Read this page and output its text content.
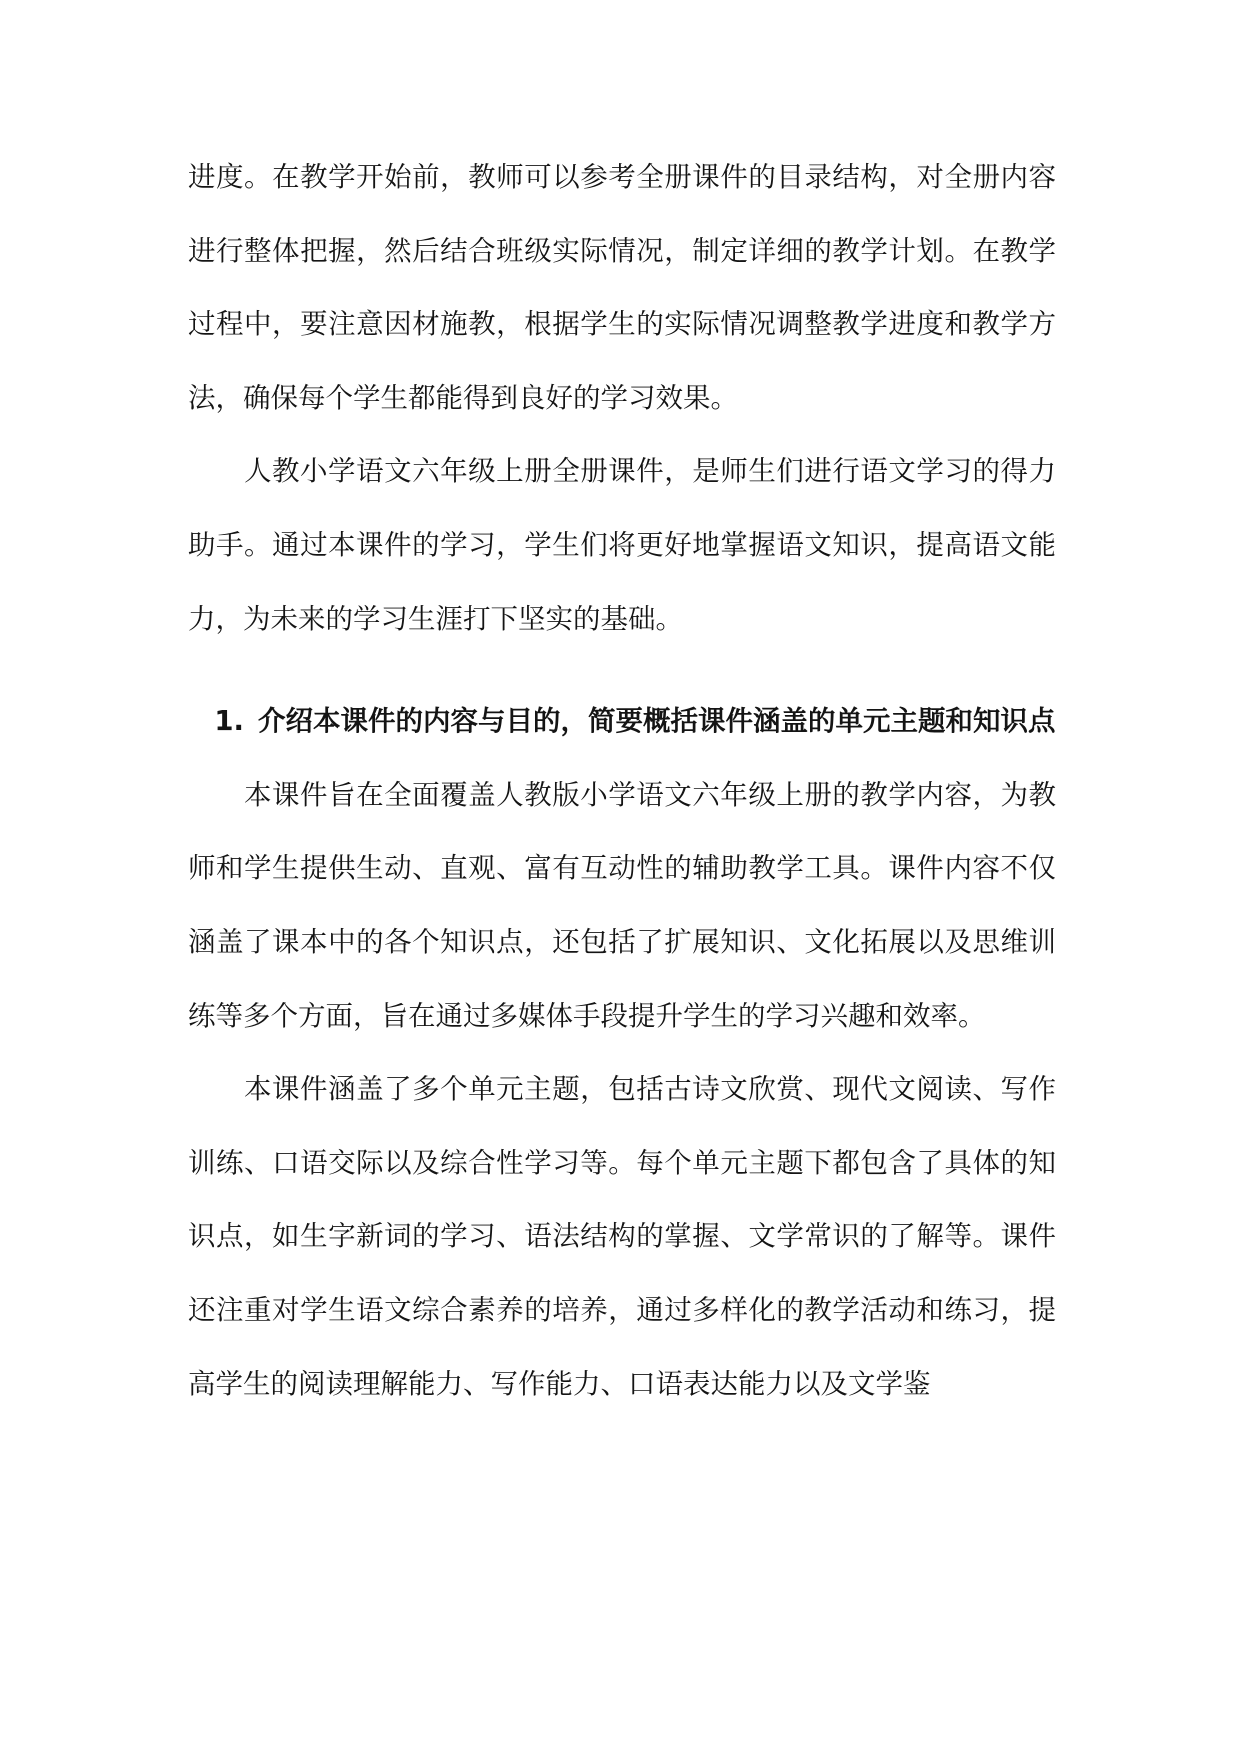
进度。在教学开始前，教师可以参考全册课件的目录结构，对全册内容进行整体把握，然后结合班级实际情况，制定详细的教学计划。在教学过程中，要注意因材施教，根据学生的实际情况调整教学进度和教学方法，确保每个学生都能得到良好的学习效果。

人教小学语文六年级上册全册课件，是师生们进行语文学习的得力助手。通过本课件的学习，学生们将更好地掌握语文知识，提高语文能力，为未来的学习生涯打下坚实的基础。

1. 介绍本课件的内容与目的，简要概括课件涵盖的单元主题和知识点

本课件旨在全面覆盖人教版小学语文六年级上册的教学内容，为教师和学生提供生动、直观、富有互动性的辅助教学工具。课件内容不仅涵盖了课本中的各个知识点，还包括了扩展知识、文化拓展以及思维训练等多个方面，旨在通过多媒体手段提升学生的学习兴趣和效率。

本课件涵盖了多个单元主题，包括古诗文欣赏、现代文阅读、写作训练、口语交际以及综合性学习等。每个单元主题下都包含了具体的知识点，如生字新词的学习、语法结构的掌握、文学常识的了解等。课件还注重对学生语文综合素养的培养，通过多样化的教学活动和练习，提高学生的阅读理解能力、写作能力、口语表达能力以及文学鉴
